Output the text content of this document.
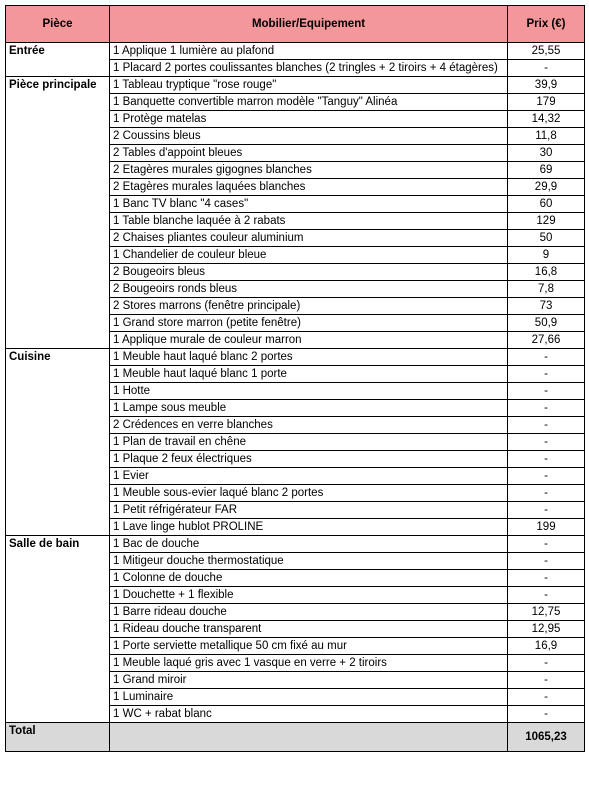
Pièce	Mobilier/Equipement	Prix (€)
Entrée	1 Applique 1 lumière au plafond	25,55
	1 Placard 2 portes coulissantes blanches (2 tringles + 2 tiroirs + 4 étagères)	-
Pièce principale	1 Tableau tryptique "rose rouge"	39,9
	1 Banquette convertible marron modèle "Tanguy" Alinéa	179
	1 Protège matelas	14,32
	2 Coussins bleus	11,8
	2 Tables d'appoint bleues	30
	2 Etagères murales gigognes blanches	69
	2 Etagères murales laquées blanches	29,9
	1 Banc TV blanc "4 cases"	60
	1 Table blanche laquée à 2 rabats	129
	2 Chaises pliantes couleur aluminium	50
	1 Chandelier de couleur bleue	9
	2 Bougeoirs bleus	16,8
	2 Bougeoirs ronds bleus	7,8
	2 Stores marrons (fenêtre principale)	73
	1 Grand store marron (petite fenêtre)	50,9
	1 Applique murale de couleur marron	27,66
Cuisine	1 Meuble haut laqué blanc 2 portes	-
	1 Meuble haut laqué blanc 1 porte	-
	1 Hotte	-
	1 Lampe sous meuble	-
	2 Crédences en verre blanches	-
	1 Plan de travail en chêne	-
	1 Plaque 2 feux électriques	-
	1 Evier	-
	1 Meuble sous-evier laqué blanc 2 portes	-
	1 Petit réfrigérateur FAR	-
	1 Lave linge hublot PROLINE	199
Salle de bain	1 Bac de douche	-
	1 Mitigeur douche thermostatique	-
	1 Colonne de douche	-
	1 Douchette + 1 flexible	-
	1 Barre rideau douche	12,75
	1 Rideau douche transparent	12,95
	1 Porte serviette metallique 50 cm fixé au mur	16,9
	1 Meuble laqué gris avec 1 vasque en verre + 2 tiroirs	-
	1 Grand miroir	-
	1 Luminaire	-
	1 WC + rabat blanc	-
Total		1065,23
